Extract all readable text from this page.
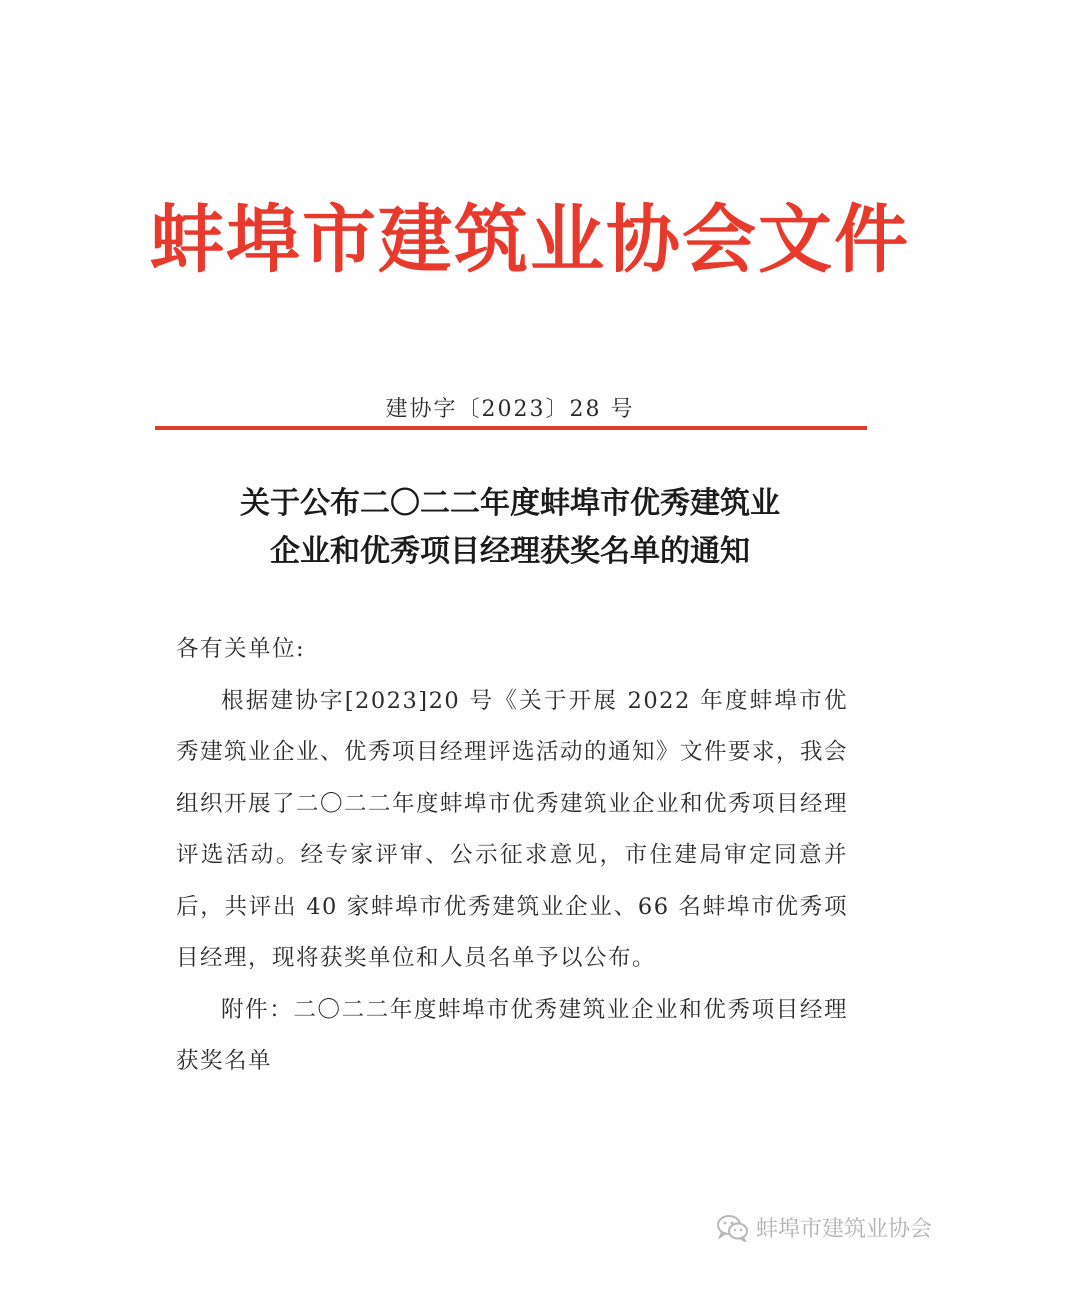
蚌埠市建筑业协会文件
建协字〔2023〕28 号
关于公布二〇二二年度蚌埠市优秀建筑业
企业和优秀项目经理获奖名单的通知

各有关单位:

根据建协字[2023]20 号《关于开展 2022 年度蚌埠市优秀建筑业企业、优秀项目经理评选活动的通知》文件要求，我会组织开展了二〇二二年度蚌埠市优秀建筑业企业和优秀项目经理评选活动。经专家评审、公示征求意见，市住建局审定同意并后，共评出 40 家蚌埠市优秀建筑业企业、66 名蚌埠市优秀项目经理，现将获奖单位和人员名单予以公布。

附件：二〇二二年度蚌埠市优秀建筑业企业和优秀项目经理获奖名单

蚌埠市建筑业协会
